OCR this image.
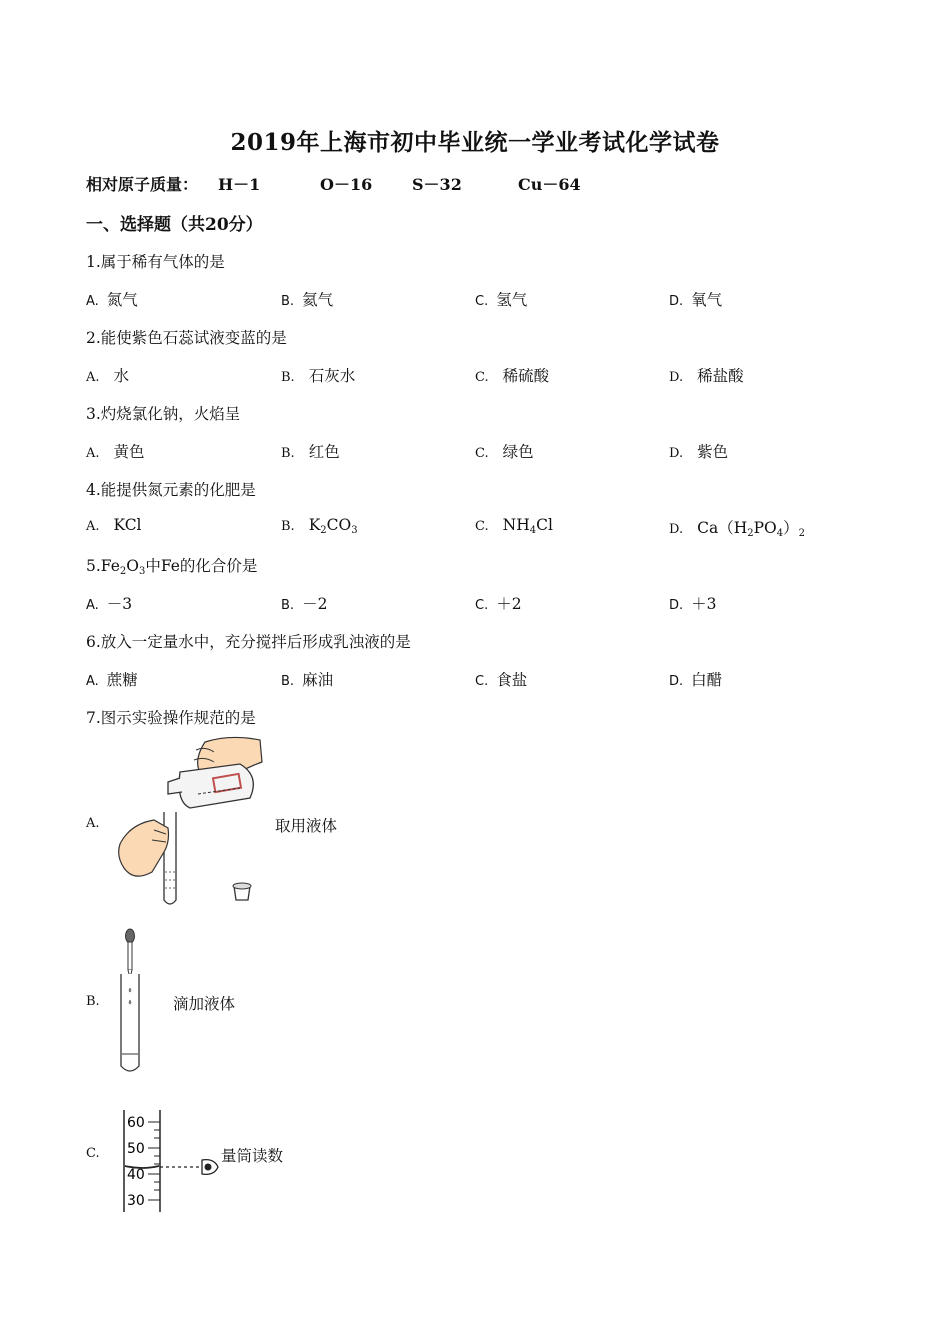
2019年上海市初中毕业统一学业考试化学试卷
相对原子质量： H－1	O－16 S－32	Cu－64
一、选择题（共20分）
1.属于稀有气体的是
A. 氮气	B. 氦气	C. 氢气	D. 氧气
2.能使紫色石蕊试液变蓝的是
A. 水	B. 石灰水	C. 稀硫酸	D. 稀盐酸
3.灼烧氯化钠，火焰呈
A. 黄色	B. 红色	C. 绿色	D. 紫色
4.能提供氮元素的化肥是
A. KCl	B. $K_2CO_3$	C. $NH_4Cl$	D. $Ca(H_2PO_4)_2$
$5.Fe_2O_3$中Fe的化合价是
A. －3	B. －2	C. ＋2	D. ＋3
6.放入一定量水中，充分搅拌后形成乳浊液的是
A. 蔗糖	B. 麻油	C. 食盐	D. 白醋
7.图示实验操作规范的是
A.	取用液体
B.	滴加液体
C.
60
50
40
30
量筒读数
